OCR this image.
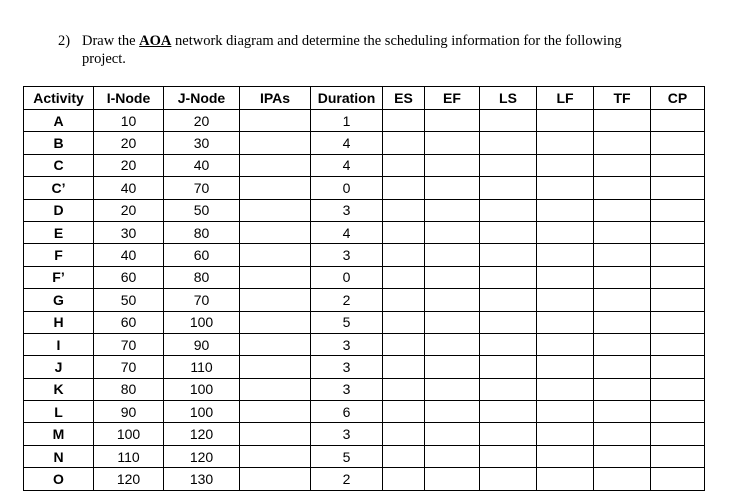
2) Draw the AOA network diagram and determine the scheduling information for the following
project.
Activity	I-Node	J-Node	IPAs	Duration	ES	EF	LS	LF	TF	CP
A	10	20		1						
B	20	30		4						
C	20	40		4						
C’	40	70		0						
D	20	50		3						
E	30	80		4						
F	40	60		3						
F’	60	80		0						
G	50	70		2						
H	60	100		5						
I	70	90		3						
J	70	110		3						
K	80	100		3						
L	90	100		6						
M	100	120		3						
N	110	120		5						
O	120	130		2						
